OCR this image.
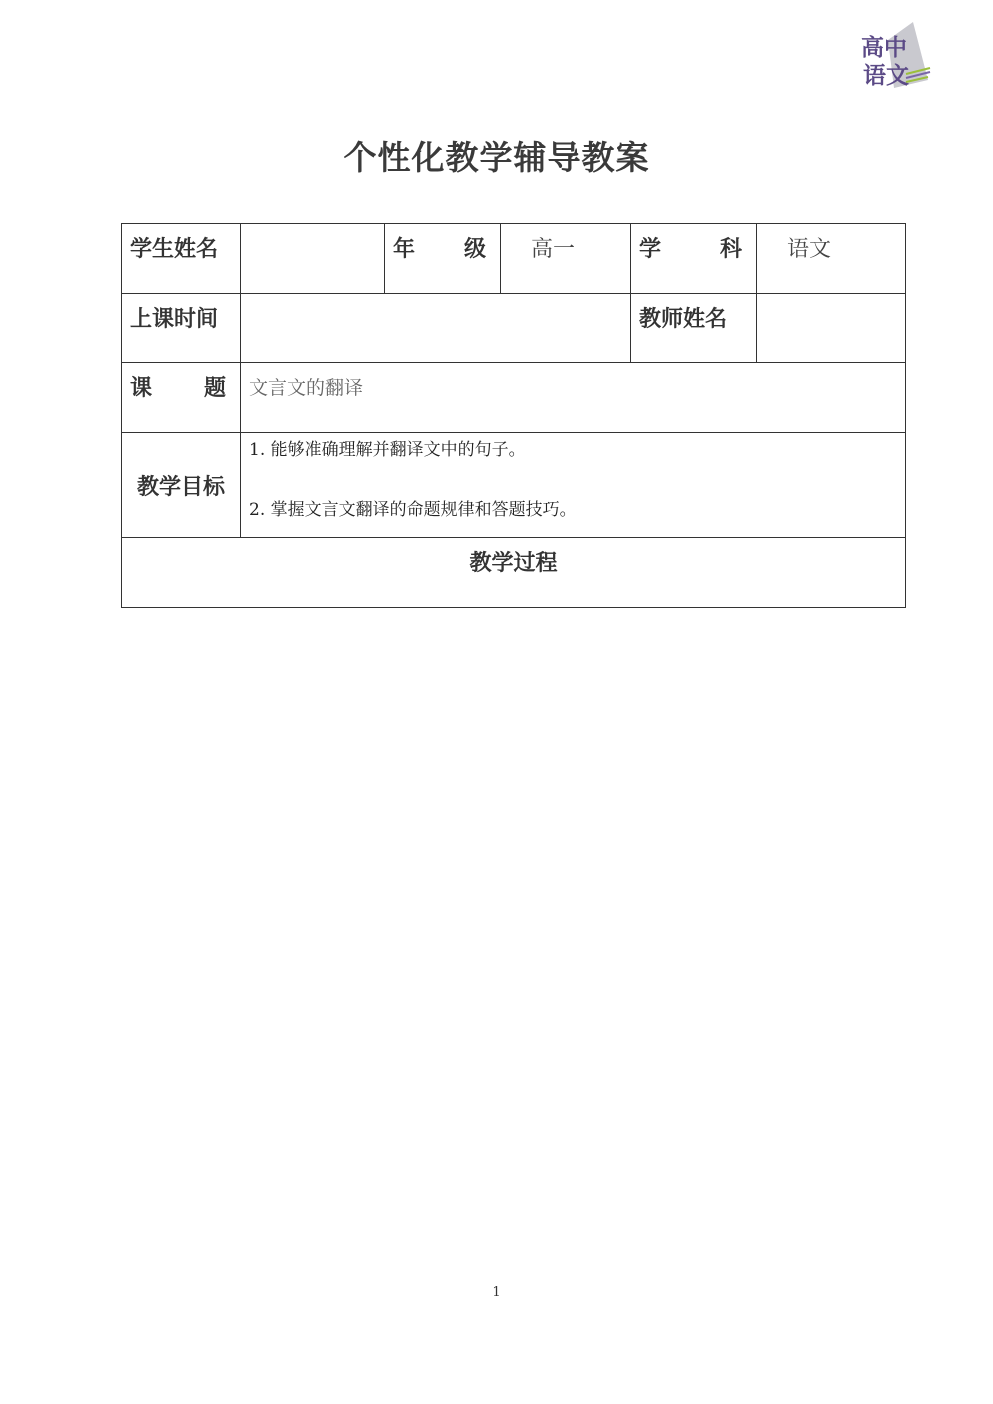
高中
语文
个性化教学辅导教案
学生姓名		年 级	高一	学 科	语文
上课时间				教师姓名	

课 题	文言文的翻译				
教学目标	1. 能够准确理解并翻译文中的句子。
2. 掌握文言文翻译的命题规律和答题技巧。				

教学过程					
1
